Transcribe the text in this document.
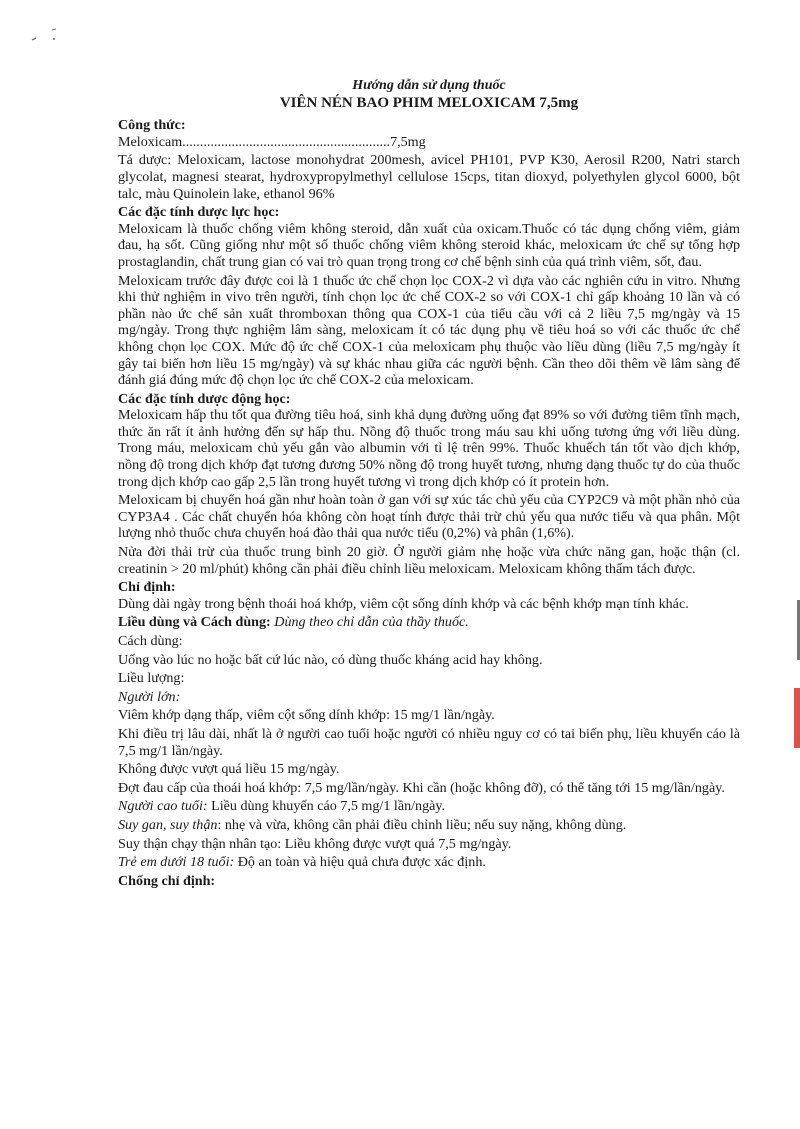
Hướng dẫn sử dụng thuốc
VIÊN NÉN BAO PHIM MELOXICAM 7,5mg
Công thức:
Meloxicam...........................................................7,5mg
Tá dược: Meloxicam, lactose monohydrat 200mesh, avicel PH101, PVP K30, Aerosil R200, Natri starch glycolat, magnesi stearat, hydroxypropylmethyl cellulose 15cps, titan dioxyd, polyethylen glycol 6000, bột talc, màu Quinolein lake, ethanol 96%
Các đặc tính dược lực học:
Meloxicam là thuốc chống viêm không steroid, dẫn xuất của oxicam.Thuốc có tác dụng chống viêm, giảm đau, hạ sốt. Cũng giống như một số thuốc chống viêm không steroid khác, meloxicam ức chế sự tổng hợp prostaglandin, chất trung gian có vai trò quan trọng trong cơ chế bệnh sinh của quá trình viêm, sốt, đau.
Meloxicam trước đây được coi là 1 thuốc ức chế chọn lọc COX-2 vì dựa vào các nghiên cứu in vitro. Nhưng khi thử nghiệm in vivo trên người, tính chọn lọc ức chế COX-2 so với COX-1 chỉ gấp khoảng 10 lần và có phần nào ức chế sản xuất thromboxan thông qua COX-1 của tiểu cầu với cả 2 liều 7,5 mg/ngày và 15 mg/ngày. Trong thực nghiệm lâm sàng, meloxicam ít có tác dụng phụ về tiêu hoá so với các thuốc ức chế không chọn lọc COX. Mức độ ức chế COX-1 của meloxicam phụ thuộc vào liều dùng (liều 7,5 mg/ngày ít gây tai biến hơn liều 15 mg/ngày) và sự khác nhau giữa các người bệnh. Cần theo dõi thêm về lâm sàng để đánh giá đúng mức độ chọn lọc ức chế COX-2 của meloxicam.
Các đặc tính dược động học:
Meloxicam hấp thu tốt qua đường tiêu hoá, sinh khả dụng đường uống đạt 89% so với đường tiêm tĩnh mạch, thức ăn rất ít ảnh hưởng đến sự hấp thu. Nồng độ thuốc trong máu sau khi uống tương ứng với liều dùng. Trong máu, meloxicam chủ yếu gắn vào albumin với tỉ lệ trên 99%. Thuốc khuếch tán tốt vào dịch khớp, nồng độ trong dịch khớp đạt tương đương 50% nồng độ trong huyết tương, nhưng dạng thuốc tự do của thuốc trong dịch khớp cao gấp 2,5 lần trong huyết tương vì trong dịch khớp có ít protein hơn.
Meloxicam bị chuyển hoá gần như hoàn toàn ở gan với sự xúc tác chủ yếu của CYP2C9 và một phần nhỏ của CYP3A4 . Các chất chuyển hóa không còn hoạt tính được thải trừ chủ yếu qua nước tiểu và qua phân. Một lượng nhỏ thuốc chưa chuyển hoá đào thải qua nước tiểu (0,2%) và phân (1,6%).
Nửa đời thải trừ của thuốc trung bình 20 giờ. Ở người giảm nhẹ hoặc vừa chức năng gan, hoặc thận (cl. creatinin > 20 ml/phút) không cần phải điều chỉnh liều meloxicam. Meloxicam không thẩm tách được.
Chỉ định:
Dùng dài ngày trong bệnh thoái hoá khớp, viêm cột sống dính khớp và các bệnh khớp mạn tính khác.
Liều dùng và Cách dùng: Dùng theo chỉ dẫn của thầy thuốc.
Cách dùng:
Uống vào lúc no hoặc bất cứ lúc nào, có dùng thuốc kháng acid hay không.
Liều lượng:
Người lớn:
Viêm khớp dạng thấp, viêm cột sống dính khớp: 15 mg/1 lần/ngày.
Khi điều trị lâu dài, nhất là ở người cao tuổi hoặc người có nhiều nguy cơ có tai biến phụ, liều khuyến cáo là 7,5 mg/1 lần/ngày.
Không được vượt quá liều 15 mg/ngày.
Đợt đau cấp của thoái hoá khớp: 7,5 mg/lần/ngày. Khi cần (hoặc không đỡ), có thể tăng tới 15 mg/lần/ngày.
Người cao tuổi: Liều dùng khuyến cáo 7,5 mg/1 lần/ngày.
Suy gan, suy thận: nhẹ và vừa, không cần phải điều chỉnh liều; nếu suy nặng, không dùng.
Suy thận chạy thận nhân tạo: Liều không được vượt quá 7,5 mg/ngày.
Trẻ em dưới 18 tuổi: Độ an toàn và hiệu quả chưa được xác định.
Chống chỉ định:
